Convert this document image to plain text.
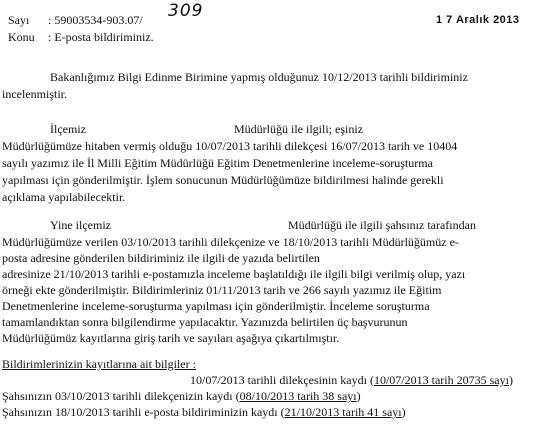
Sayı : 59003534-903.07/ 309	1 7 Aralık 2013
Konu : E-posta bildiriminiz.
Bakanlığımız Bilgi Edinme Birimine yapmış olduğunuz 10/12/2013 tarihli bildiriminiz
incelenmiştir.
İlçemiz	Müdürlüğü ile ilgili; eşiniz
Müdürlüğümüze hitaben vermiş olduğu 10/07/2013 tarihli dilekçesi 16/07/2013 tarih ve 10404
sayılı yazımız ile İl Milli Eğitim Müdürlüğü Eğitim Denetmenlerine inceleme-soruşturma
yapılması için gönderilmiştir. İşlem sonucunun Müdürlüğümüze bildirilmesi halinde gerekli
açıklama yapılabilecektir.
Yine ilçemiz	Müdürlüğü ile ilgili şahsınız tarafından
Müdürlüğümüze verilen 03/10/2013 tarihli dilekçenize ve 18/10/2013 tarihli Müdürlüğümüz e-
posta adresine gönderilen bildiriminiz ile ilgili de yazıda belirtilen
adresinize 21/10/2013 tarihli e-postamızla inceleme başlatıldığı ile ilgili bilgi verilmiş olup, yazı
örneği ekte gönderilmiştir. Bildirimleriniz 01/11/2013 tarih ve 266 sayılı yazımız ile Eğitim
Denetmenlerine inceleme-soruşturma yapılması için gönderilmiştir. İnceleme soruşturma
tamamlandıktan sonra bilgilendirme yapılacaktır. Yazınızda belirtilen üç başvurunun
Müdürlüğümüz kayıtlarına giriş tarih ve sayıları aşağıya çıkartılmıştır.
Bildirimlerinizin kayıtlarına ait bilgiler :
10/07/2013 tarihli dilekçesinin kaydı (10/07/2013 tarih 20735 sayı)
Şahsınızın 03/10/2013 tarihli dilekçenizin kaydı (08/10/2013 tarih 38 sayı)
Şahsınızın 18/10/2013 tarihli e-posta bildiriminizin kaydı (21/10/2013 tarih 41 sayı)
